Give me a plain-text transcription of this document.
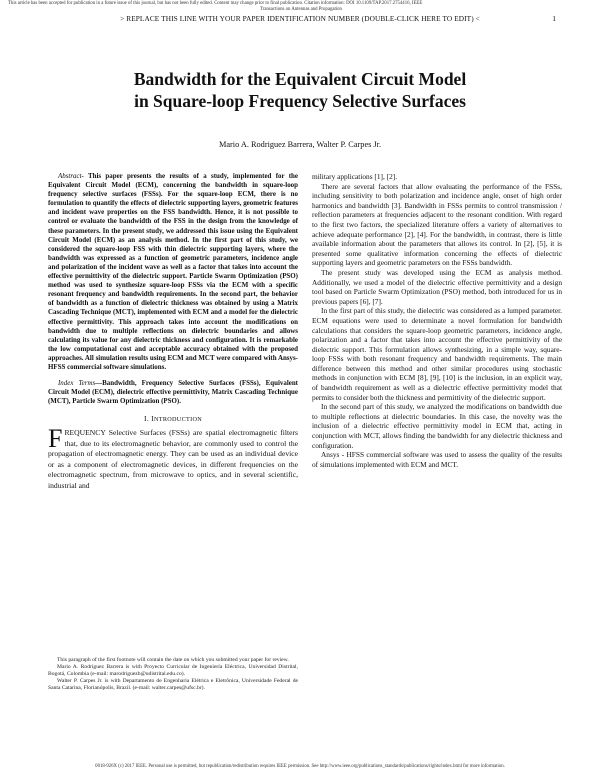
This article has been accepted for publication in a future issue of this journal, but has not been fully edited. Content may change prior to final publication. Citation information: DOI 10.1109/TAP.2017.2754416, IEEE
Transactions on Antennas and Propagation
> REPLACE THIS LINE WITH YOUR PAPER IDENTIFICATION NUMBER (DOUBLE-CLICK HERE TO EDIT) <	1
Bandwidth for the Equivalent Circuit Model
in Square-loop Frequency Selective Surfaces
Mario A. Rodriguez Barrera, Walter P. Carpes Jr.

Abstract- This paper presents the results of a study, implemented for the Equivalent Circuit Model (ECM), concerning the bandwidth in square-loop frequency selective surfaces (FSSs). For the square-loop ECM, there is no formulation to quantify the effects of dielectric supporting layers, geometric features and incident wave properties on the FSS bandwidth. Hence, it is not possible to control or evaluate the bandwidth of the FSS in the design from the knowledge of these parameters. In the present study, we addressed this issue using the Equivalent Circuit Model (ECM) as an analysis method. In the first part of this study, we considered the square-loop FSS with thin dielectric supporting layers, where the bandwidth was expressed as a function of geometric parameters, incidence angle and polarization of the incident wave as well as a factor that takes into account the effective permittivity of the dielectric support. Particle Swarm Optimization (PSO) method was used to synthesize square-loop FSSs via the ECM with a specific resonant frequency and bandwidth requirements. In the second part, the behavior of bandwidth as a function of dielectric thickness was obtained by using a Matrix Cascading Technique (MCT), implemented with ECM and a model for the dielectric effective permittivity. This approach takes into account the modifications on bandwidth due to multiple reflections on dielectric boundaries and allows calculating its value for any dielectric thickness and configuration. It is remarkable the low computational cost and acceptable accuracy obtained with the proposed approaches. All simulation results using ECM and MCT were compared with Ansys-HFSS commercial software simulations.

Index Terms—Bandwidth, Frequency Selective Surfaces (FSSs), Equivalent Circuit Model (ECM), dielectric effective permittivity, Matrix Cascading Technique (MCT), Particle Swarm Optimization (PSO).

I. INTRODUCTION

FREQUENCY Selective Surfaces (FSSs) are spatial electromagnetic filters that, due to its electromagnetic behavior, are commonly used to control the propagation of electromagnetic energy. They can be used as an individual device or as a component of electromagnetic devices, in different frequencies on the electromagnetic spectrum, from microwave to optics, and in several scientific, industrial and

This paragraph of the first footnote will contain the date on which you submitted your paper for review.

Mario A. Rodriguez Barrera is with Proyecto Curricular de Ingeniería Eléctrica, Universidad Distrital, Bogotá, Colombia (e-mail: marodriguezb@udistrital.edu.co).

Walter P. Carpes Jr. is with Departamento de Engenharia Elétrica e Eletrônica, Universidade Federal de Santa Catarina, Florianópolis, Brazil. (e-mail: walter.carpes@ufsc.br).

military applications [1], [2].

There are several factors that allow evaluating the performance of the FSSs, including sensitivity to both polarization and incidence angle, onset of high order harmonics and bandwidth [3]. Bandwidth in FSSs permits to control transmission / reflection parameters at frequencies adjacent to the resonant condition. With regard to the first two factors, the specialized literature offers a variety of alternatives to achieve adequate performance [2], [4]. For the bandwidth, in contrast, there is little available information about the parameters that allows its control. In [2], [5], it is presented some qualitative information concerning the effects of dielectric supporting layers and geometric parameters on the FSSs bandwidth.

The present study was developed using the ECM as analysis method. Additionally, we used a model of the dielectric effective permittivity and a design tool based on Particle Swarm Optimization (PSO) method, both introduced for us in previous papers [6], [7].

In the first part of this study, the dielectric was considered as a lumped parameter. ECM equations were used to determinate a novel formulation for bandwidth calculations that considers the square-loop geometric parameters, incidence angle, polarization and a factor that takes into account the effective permittivity of the dielectric support. This formulation allows synthesizing, in a simple way, square-loop FSSs with both resonant frequency and bandwidth requirements. The main difference between this method and other similar procedures using stochastic methods in conjunction with ECM [8], [9], [10] is the inclusion, in an explicit way, of bandwidth requirement as well as a dielectric effective permittivity model that permits to consider both the thickness and permittivity of the dielectric support.

In the second part of this study, we analyzed the modifications on bandwidth due to multiple reflections at dielectric boundaries. In this case, the novelty was the inclusion of a dielectric effective permittivity model in ECM that, acting in conjunction with MCT, allows finding the bandwidth for any dielectric thickness and configuration.

Ansys - HFSS commercial software was used to assess the quality of the results of simulations implemented with ECM and MCT.

0018-926X (c) 2017 IEEE. Personal use is permitted, but republication/redistribution requires IEEE permission. See http://www.ieee.org/publications_standards/publications/rights/index.html for more information.
